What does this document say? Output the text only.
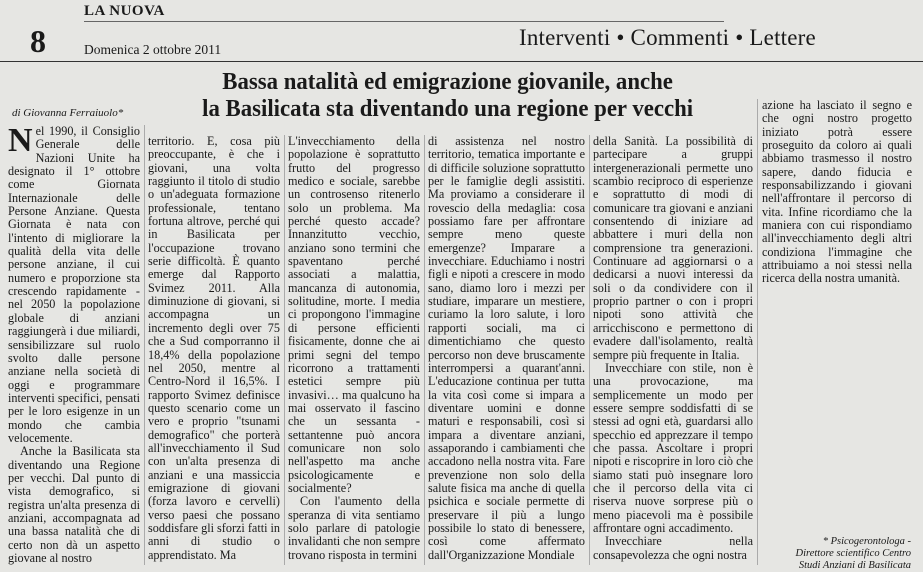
8
LA NUOVA
Domenica 2 ottobre 2011	Interventi • Commenti • Lettere
Bassa natalità ed emigrazione giovanile, anche
la Basilicata sta diventando una regione per vecchi
di Giovanna Ferraiuolo*

Nel 1990, il Consiglio Generale delle Nazioni Unite ha designato il 1° ottobre come Giornata Internazionale delle Persone Anziane. Questa Giornata è nata con l'intento di migliorare la qualità della vita delle persone anziane, il cui numero e proporzione sta crescendo rapidamente - nel 2050 la popolazione globale di anziani raggiungerà i due miliardi, sensibilizzare sul ruolo svolto dalle persone anziane nella società di oggi e programmare interventi specifici, pensati per le loro esigenze in un mondo che cambia velocemente.

Anche la Basilicata sta diventando una Regione per vecchi. Dal punto di vista demografico, si registra un'alta presenza di anziani, accompagnata ad una bassa natalità che di certo non dà un aspetto giovane al nostro

territorio. E, cosa più preoccupante, è che i giovani, una volta raggiunto il titolo di studio o un'adeguata formazione professionale, tentano fortuna altrove, perché qui in Basilicata per l'occupazione trovano serie difficoltà. È quanto emerge dal Rapporto Svimez 2011. Alla diminuzione di giovani, si accompagna un incremento degli over 75 che a Sud comporranno il 18,4% della popolazione nel 2050, mentre al Centro-Nord il 16,5%. I rapporto Svimez definisce questo scenario come un vero e proprio "tsunami demografico" che porterà all'invecchiamento il Sud con un'alta presenza di anziani e una massiccia emigrazione di giovani (forza lavoro e cervelli) verso paesi che possano soddisfare gli sforzi fatti in anni di studio o apprendistato. Ma

L'invecchiamento della popolazione è soprattutto frutto del progresso medico e sociale, sarebbe un controsenso ritenerlo solo un problema. Ma perché questo accade? Innanzitutto vecchio, anziano sono termini che spaventano perché associati a malattia, mancanza di autonomia, solitudine, morte. I media ci propongono l'immagine di persone efficienti fisicamente, donne che ai primi segni del tempo ricorrono a trattamenti estetici sempre più invasivi… ma qualcuno ha mai osservato il fascino che un sessanta - settantenne può ancora comunicare non solo nell'aspetto ma anche psicologicamente e socialmente?

Con l'aumento della speranza di vita sentiamo solo parlare di patologie invalidanti che non sempre trovano risposta in termini

di assistenza nel nostro territorio, tematica importante e di difficile soluzione soprattutto per le famiglie degli assistiti. Ma proviamo a considerare il rovescio della medaglia: cosa possiamo fare per affrontare sempre meno queste emergenze? Imparare a invecchiare. Educhiamo i nostri figli e nipoti a crescere in modo sano, diamo loro i mezzi per studiare, imparare un mestiere, curiamo la loro salute, i loro rapporti sociali, ma ci dimentichiamo che questo percorso non deve bruscamente interrompersi a quarant'anni. L'educazione continua per tutta la vita così come si impara a diventare uomini e donne maturi e responsabili, così si impara a diventare anziani, assaporando i cambiamenti che accadono nella nostra vita. Fare prevenzione non solo della salute fisica ma anche di quella psichica e sociale permette di preservare il più a lungo possibile lo stato di benessere, così come affermato dall'Organizzazione Mondiale

della Sanità. La possibilità di partecipare a gruppi intergenerazionali permette uno scambio reciproco di esperienze e soprattutto di modi di comunicare tra giovani e anziani consentendo di iniziare ad abbattere i muri della non comprensione tra generazioni. Continuare ad aggiornarsi o a dedicarsi a nuovi interessi da soli o da condividere con il proprio partner o con i propri nipoti sono attività che arricchiscono e permettono di evadere dall'isolamento, realtà sempre più frequente in Italia.

Invecchiare con stile, non è una provocazione, ma semplicemente un modo per essere sempre soddisfatti di se stessi ad ogni età, guardarsi allo specchio ed apprezzare il tempo che passa. Ascoltare i propri nipoti e riscoprire in loro ciò che siamo stati può insegnare loro che il percorso della vita ci riserva nuove sorprese più o meno piacevoli ma è possibile affrontare ogni accadimento.

Invecchiare nella consapevolezza che ogni nostra

azione ha lasciato il segno e che ogni nostro progetto iniziato potrà essere proseguito da coloro ai quali abbiamo trasmesso il nostro sapere, dando fiducia e responsabilizzando i giovani nell'affrontare il percorso di vita. Infine ricordiamo che la maniera con cui rispondiamo all'invecchiamento degli altri condiziona l'immagine che attribuiamo a noi stessi nella ricerca della nostra umanità.

* Psicogerontologa -
Direttore scientifico Centro
Studi Anziani di Basilicata
